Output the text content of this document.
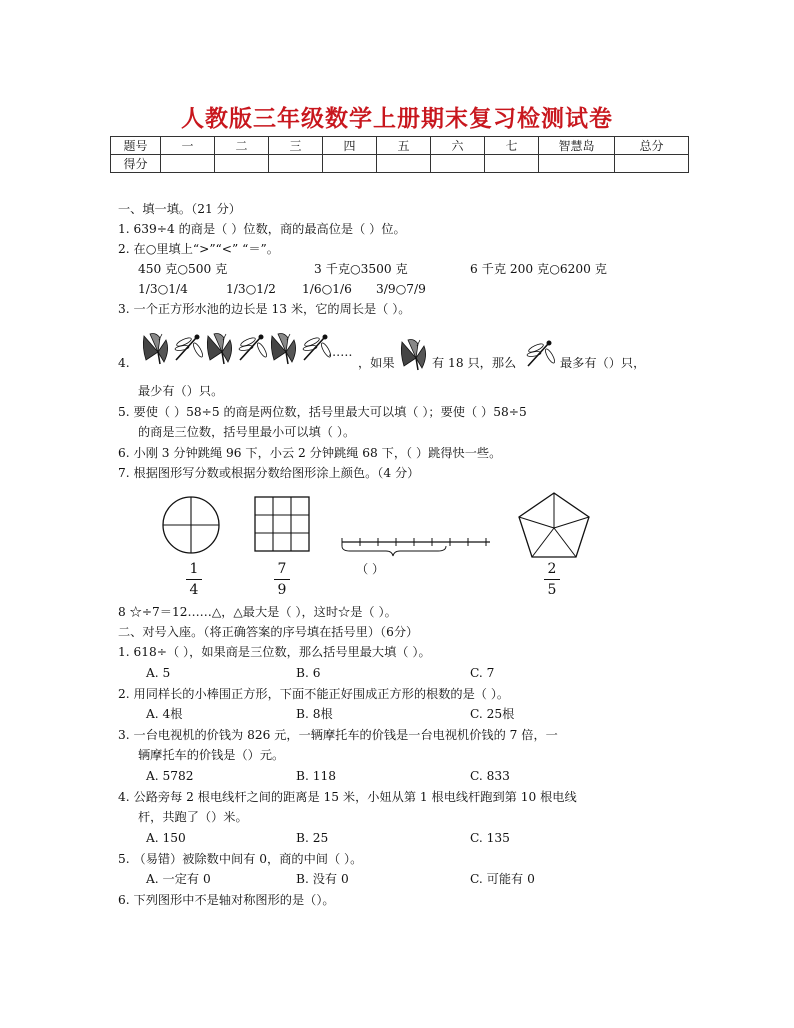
人教版三年级数学上册期末复习检测试卷
题号	一	二	三	四	五	六	七	智慧岛	总分
得分									
一、填一填。（21 分）
1. 639÷4 的商是（ ）位数，商的最高位是（ ）位。
2. 在○里填上“>”“<” “＝”。
450 克○500 克	3 千克○3500 克	6 千克 200 克○6200 克
1/3○1/4	1/3○1/2 1/6○1/6 3/9○7/9
3. 一个正方形水池的边长是 13 米，它的周长是（ ）。
4.
……
，如果	有 18 只，那么	最多有（）只，
最少有（）只。
5. 要使（ ）58÷5 的商是两位数，括号里最大可以填（ ）；要使（ ）58÷5
的商是三位数，括号里最小可以填（ ）。
6. 小刚 3 分钟跳绳 96 下，小云 2 分钟跳绳 68 下，（ ）跳得快一些。
7. 根据图形写分数或根据分数给图形涂上颜色。（4 分）
1
4
7
9
（ ）	2
5
8 ☆÷7＝12……△，△最大是（ ），这时☆是（ ）。
二、对号入座。（将正确答案的序号填在括号里）（6分）
1. 618÷（ ），如果商是三位数，那么括号里最大填（ ）。
A. 5	B. 6	C. 7
2. 用同样长的小棒围正方形，下面不能正好围成正方形的根数的是（ ）。
A. 4根	B. 8根	C. 25根
3. 一台电视机的价钱为 826 元，一辆摩托车的价钱是一台电视机价钱的 7 倍，一
辆摩托车的价钱是（）元。
A. 5782	B. 118	C. 833
4. 公路旁每 2 根电线杆之间的距离是 15 米，小妞从第 1 根电线杆跑到第 10 根电线
杆，共跑了（）米。
A. 150	B. 25	C. 135
5. （易错）被除数中间有 0，商的中间（ ）。
A. 一定有 0	B. 没有 0	C. 可能有 0
6. 下列图形中不是轴对称图形的是（）。
